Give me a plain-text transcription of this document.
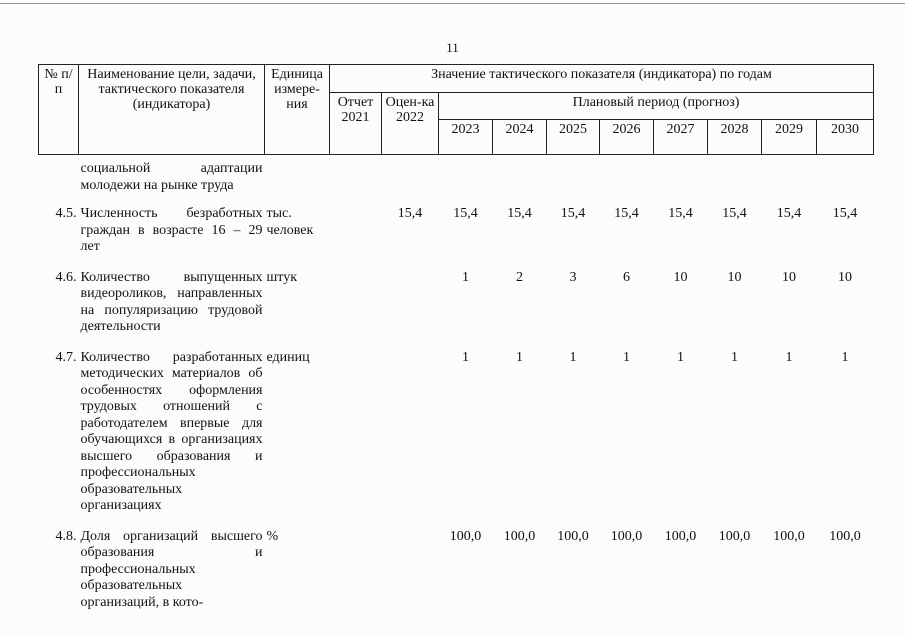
11
№ п/п	Наименование цели, задачи, тактического показателя (индикатора)	Единица измере-ния	Значение тактического показателя (индикатора) по годам									
			Отчет 2021	Оцен-ка 2022	Плановый период (прогноз)							
					2023	2024	2025	2026	2027	2028	2029	2030
	социальной адаптации молодежи на рынке труда											
4.5.	Численность безработных граждан в возрасте 16 – 29 лет	тыс. человек		15,4	15,4	15,4	15,4	15,4	15,4	15,4	15,4	15,4
4.6.	Количество выпущенных видеороликов, направленных на популяризацию трудовой деятельности	штук			1	2	3	6	10	10	10	10
4.7.	Количество разработанных методических материалов об особенностях оформления трудовых отношений с работодателем впервые для обучающихся в организациях высшего образования и профессиональных образовательных организациях	единиц			1	1	1	1	1	1	1	1
4.8.	Доля организаций высшего образования и профессиональных образовательных организаций, в кото-	%			100,0	100,0	100,0	100,0	100,0	100,0	100,0	100,0
